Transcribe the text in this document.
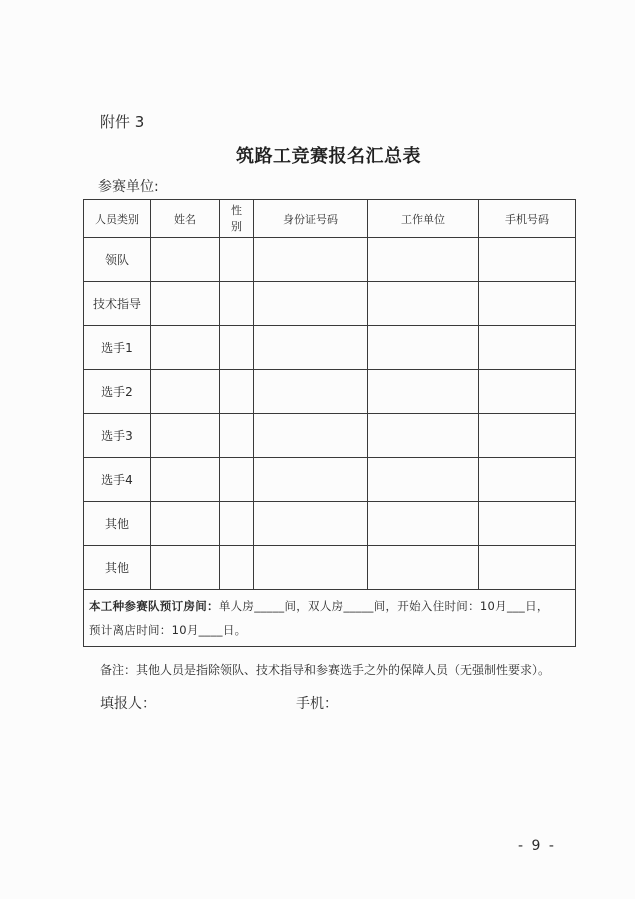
附件 3
筑路工竞赛报名汇总表
参赛单位:
人员类别	姓名	性别	身份证号码	工作单位	手机号码
领队					
技术指导					
选手1					
选手2					
选手3					
选手4					
其他					
其他					

本工种参赛队预订房间：单人房_____间，双人房_____间，开始入住时间：10月___日，
预计离店时间：10月____日。					
备注：其他人员是指除领队、技术指导和参赛选手之外的保障人员（无强制性要求）。
填报人：	手机：
- 9 -
